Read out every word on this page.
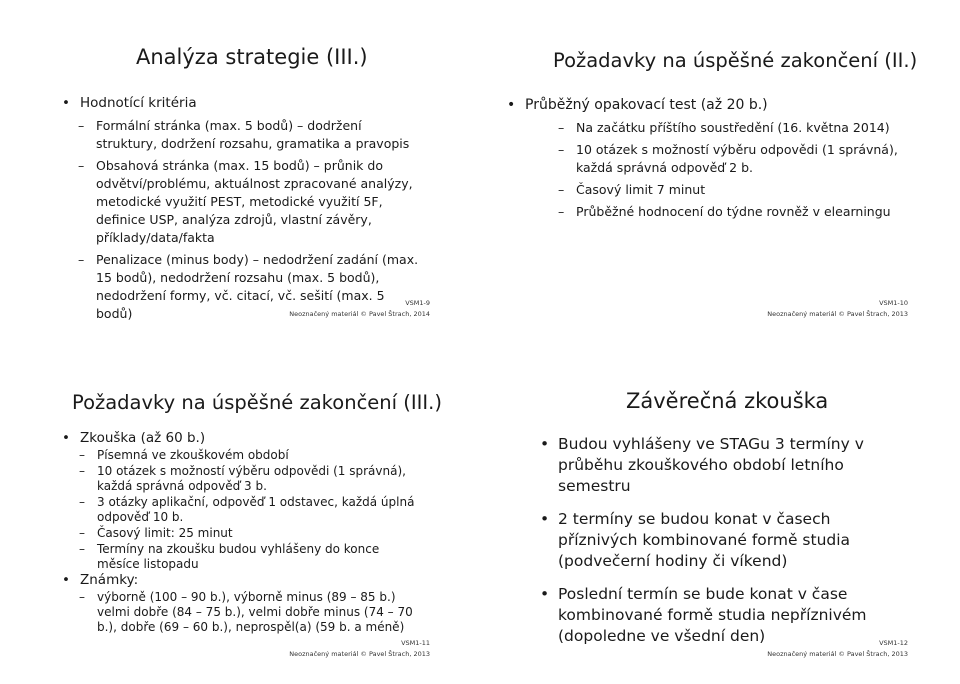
Analýza strategie (III.)
• Hodnotící kritéria
– Formální stránka (max. 5 bodů) – dodržení struktury, dodržení rozsahu, gramatika a pravopis
– Obsahová stránka (max. 15 bodů) – průnik do odvětví/problému, aktuálnost zpracované analýzy, metodické využití PEST, metodické využití 5F, definice USP, analýza zdrojů, vlastní závěry, příklady/data/fakta
– Penalizace (minus body) – nedodržení zadání (max. 15 bodů), nedodržení rozsahu (max. 5 bodů), nedodržení formy, vč. citací, vč. sešití (max. 5 bodů)
VSM1-9
Neoznačený materiál © Pavel Štrach, 2014
Požadavky na úspěšné zakončení (II.)
• Průběžný opakovací test (až 20 b.)
– Na začátku příštího soustředění (16. května 2014)
– 10 otázek s možností výběru odpovědi (1 správná), každá správná odpověď 2 b.
– Časový limit 7 minut
– Průběžné hodnocení do týdne rovněž v elearningu
VSM1-10
Neoznačený materiál © Pavel Štrach, 2013
Požadavky na úspěšné zakončení (III.)
• Zkouška (až 60 b.)
– Písemná ve zkouškovém období
– 10 otázek s možností výběru odpovědi (1 správná), každá správná odpověď 3 b.
– 3 otázky aplikační, odpověď 1 odstavec, každá úplná odpověď 10 b.
– Časový limit: 25 minut
– Termíny na zkoušku budou vyhlášeny do konce měsíce listopadu
• Známky:
– výborně (100 – 90 b.), výborně minus (89 – 85 b.) velmi dobře (84 – 75 b.), velmi dobře minus (74 – 70 b.), dobře (69 – 60 b.), neprospěl(a) (59 b. a méně)
VSM1-11
Neoznačený materiál © Pavel Štrach, 2013
Závěrečná zkouška
• Budou vyhlášeny ve STAGu 3 termíny v průběhu zkouškového období letního semestru
• 2 termíny se budou konat v časech příznivých kombinované formě studia (podvečerní hodiny či víkend)
• Poslední termín se bude konat v čase kombinované formě studia nepříznivém (dopoledne ve všední den)	VSM1-12
Neoznačený materiál © Pavel Štrach, 2013
